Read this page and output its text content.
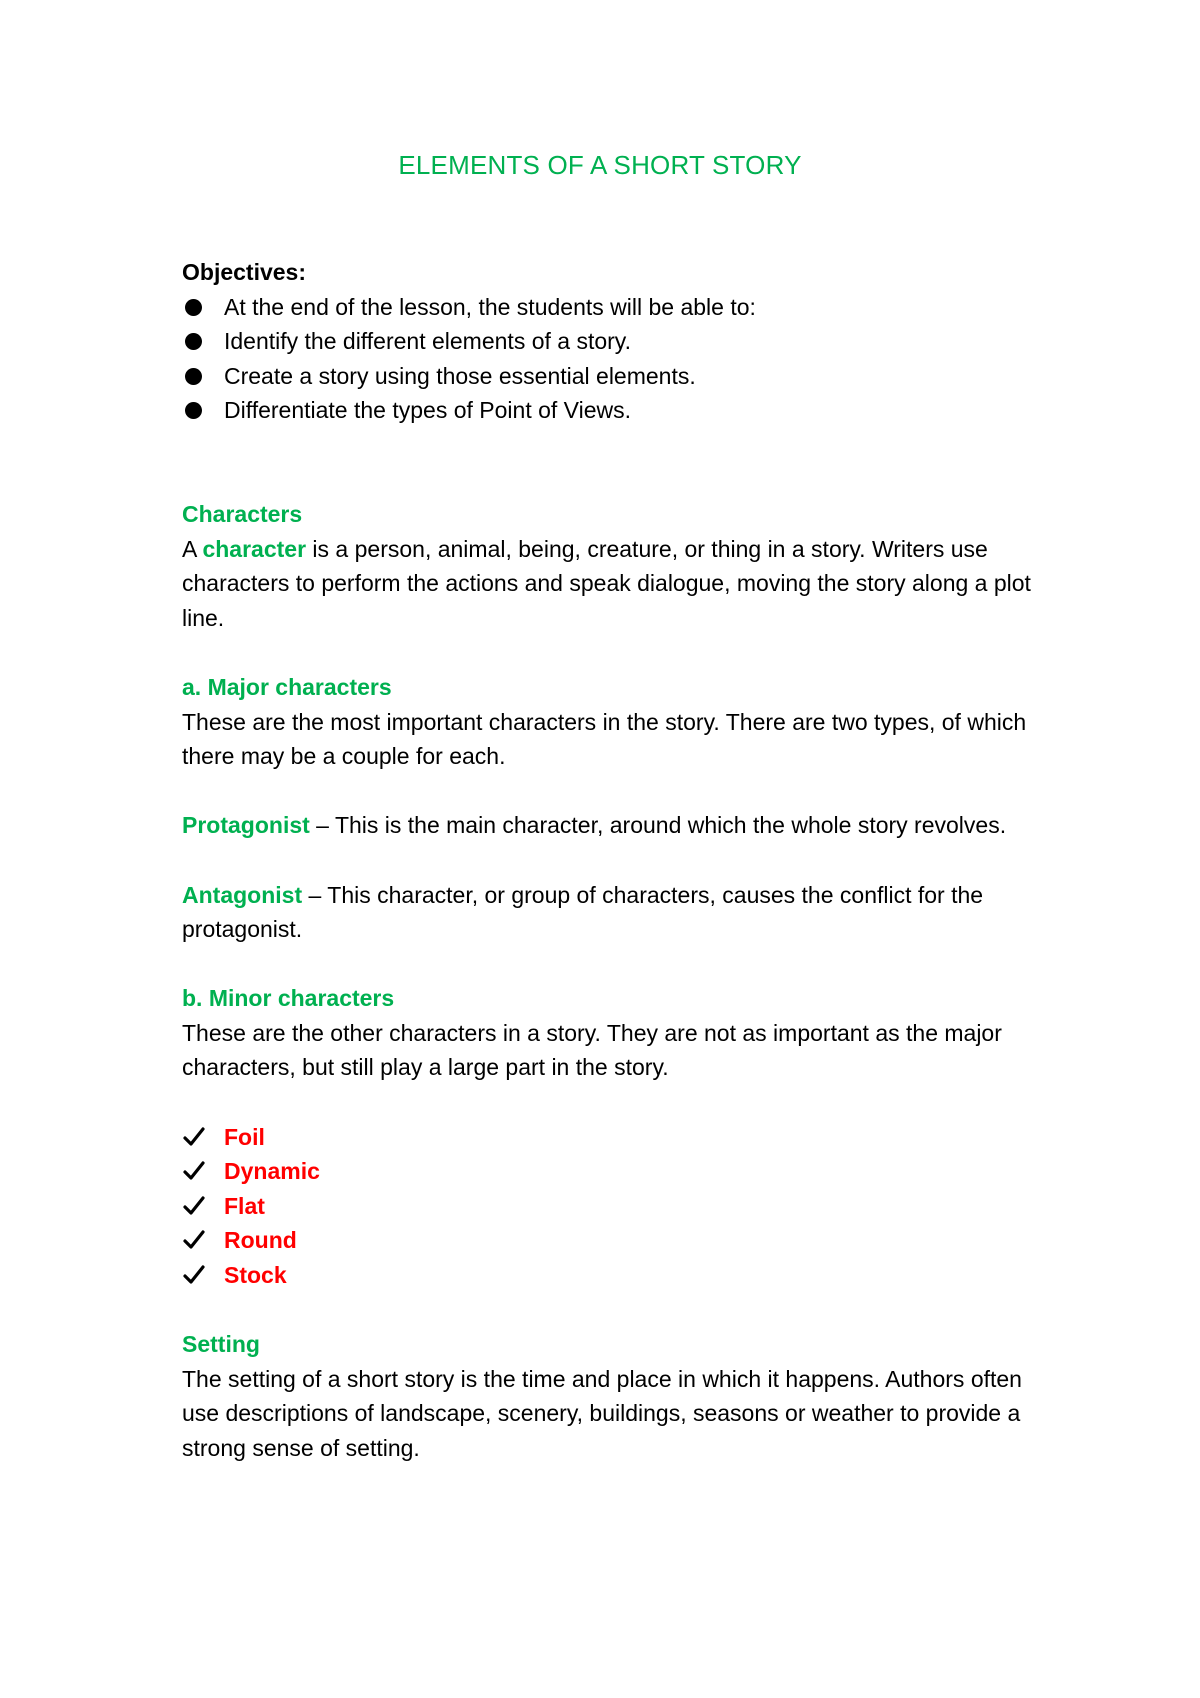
ELEMENTS OF A SHORT STORY

Objectives:

At the end of the lesson, the students will be able to:
Identify the different elements of a story.
Create a story using those essential elements.
Differentiate the types of Point of Views.

Characters

A character is a person, animal, being, creature, or thing in a story. Writers use characters to perform the actions and speak dialogue, moving the story along a plot line.

a. Major characters

These are the most important characters in the story. There are two types, of which there may be a couple for each.

Protagonist – This is the main character, around which the whole story revolves.

Antagonist – This character, or group of characters, causes the conflict for the protagonist.

b. Minor characters

These are the other characters in a story. They are not as important as the major characters, but still play a large part in the story.

Foil
Dynamic
Flat
Round
Stock

Setting

The setting of a short story is the time and place in which it happens. Authors often use descriptions of landscape, scenery, buildings, seasons or weather to provide a strong sense of setting.
